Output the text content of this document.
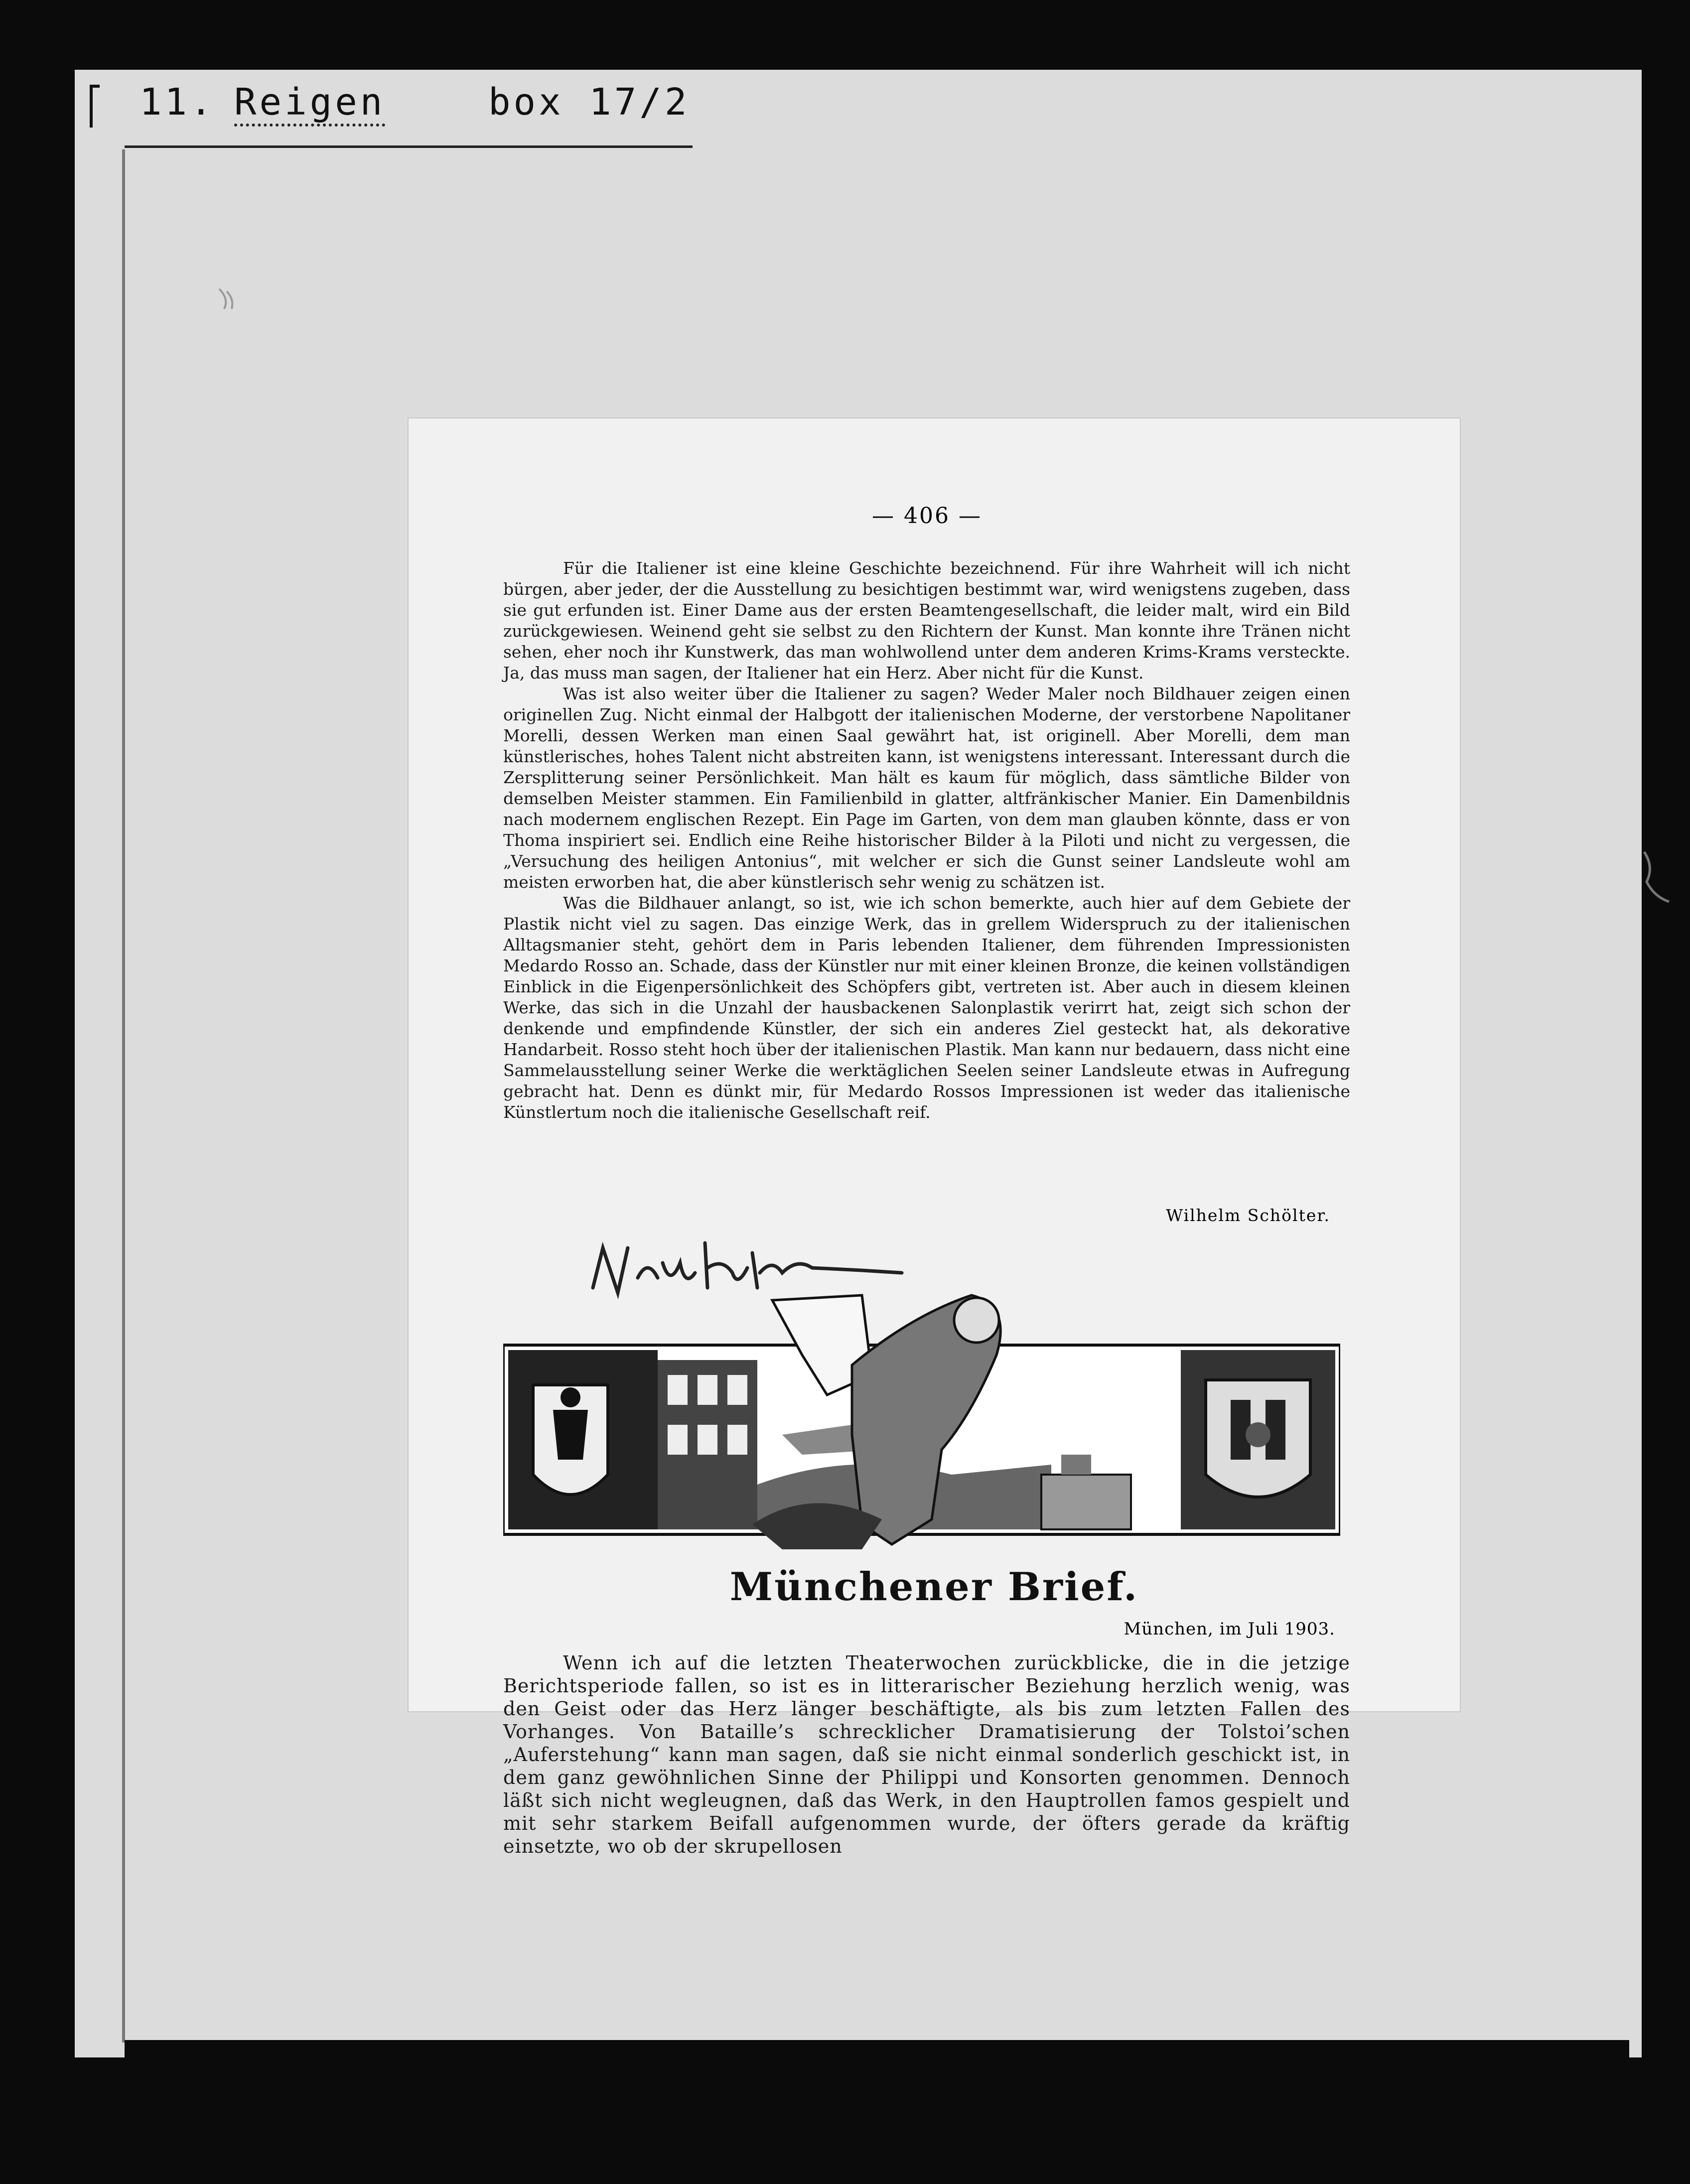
11. Reigen	box 17/2
— 406 —

Für die Italiener ist eine kleine Geschichte bezeichnend. Für ihre Wahrheit will ich nicht bürgen, aber jeder, der die Ausstellung zu besichtigen bestimmt war, wird wenigstens zugeben, dass sie gut erfunden ist. Einer Dame aus der ersten Beamtengesellschaft, die leider malt, wird ein Bild zurückgewiesen. Weinend geht sie selbst zu den Richtern der Kunst. Man konnte ihre Tränen nicht sehen, eher noch ihr Kunstwerk, das man wohlwollend unter dem anderen Krims-Krams versteckte. Ja, das muss man sagen, der Italiener hat ein Herz. Aber nicht für die Kunst.

Was ist also weiter über die Italiener zu sagen? Weder Maler noch Bildhauer zeigen einen originellen Zug. Nicht einmal der Halbgott der italienischen Moderne, der verstorbene Napolitaner Morelli, dessen Werken man einen Saal gewährt hat, ist originell. Aber Morelli, dem man künstlerisches, hohes Talent nicht abstreiten kann, ist wenigstens interessant. Interessant durch die Zersplitterung seiner Persönlichkeit. Man hält es kaum für möglich, dass sämtliche Bilder von demselben Meister stammen. Ein Familienbild in glatter, altfränkischer Manier. Ein Damenbildnis nach modernem englischen Rezept. Ein Page im Garten, von dem man glauben könnte, dass er von Thoma inspiriert sei. Endlich eine Reihe historischer Bilder à la Piloti und nicht zu vergessen, die „Versuchung des heiligen Antonius“, mit welcher er sich die Gunst seiner Landsleute wohl am meisten erworben hat, die aber künstlerisch sehr wenig zu schätzen ist.

Was die Bildhauer anlangt, so ist, wie ich schon bemerkte, auch hier auf dem Gebiete der Plastik nicht viel zu sagen. Das einzige Werk, das in grellem Widerspruch zu der italienischen Alltagsmanier steht, gehört dem in Paris lebenden Italiener, dem führenden Impressionisten Medardo Rosso an. Schade, dass der Künstler nur mit einer kleinen Bronze, die keinen vollständigen Einblick in die Eigenpersönlichkeit des Schöpfers gibt, vertreten ist. Aber auch in diesem kleinen Werke, das sich in die Unzahl der hausbackenen Salonplastik verirrt hat, zeigt sich schon der denkende und empfindende Künstler, der sich ein anderes Ziel gesteckt hat, als dekorative Handarbeit. Rosso steht hoch über der italienischen Plastik. Man kann nur bedauern, dass nicht eine Sammelausstellung seiner Werke die werktäglichen Seelen seiner Landsleute etwas in Aufregung gebracht hat. Denn es dünkt mir, für Medardo Rossos Impressionen ist weder das italienische Künstlertum noch die italienische Gesellschaft reif.

Wilhelm Schölter.
Neue Kalen
Münchener Brief.
München, im Juli 1903.

Wenn ich auf die letzten Theaterwochen zurückblicke, die in die jetzige Berichtsperiode fallen, so ist es in litterarischer Beziehung herzlich wenig, was den Geist oder das Herz länger beschäftigte, als bis zum letzten Fallen des Vorhanges. Von Bataille’s schrecklicher Dramatisierung der Tolstoi’schen „Auferstehung“ kann man sagen, daß sie nicht einmal sonderlich geschickt ist, in dem ganz gewöhnlichen Sinne der Philippi und Konsorten genommen. Dennoch läßt sich nicht wegleugnen, daß das Werk, in den Hauptrollen famos gespielt und mit sehr starkem Beifall aufgenommen wurde, der öfters gerade da kräftig einsetzte, wo ob der skrupellosen
